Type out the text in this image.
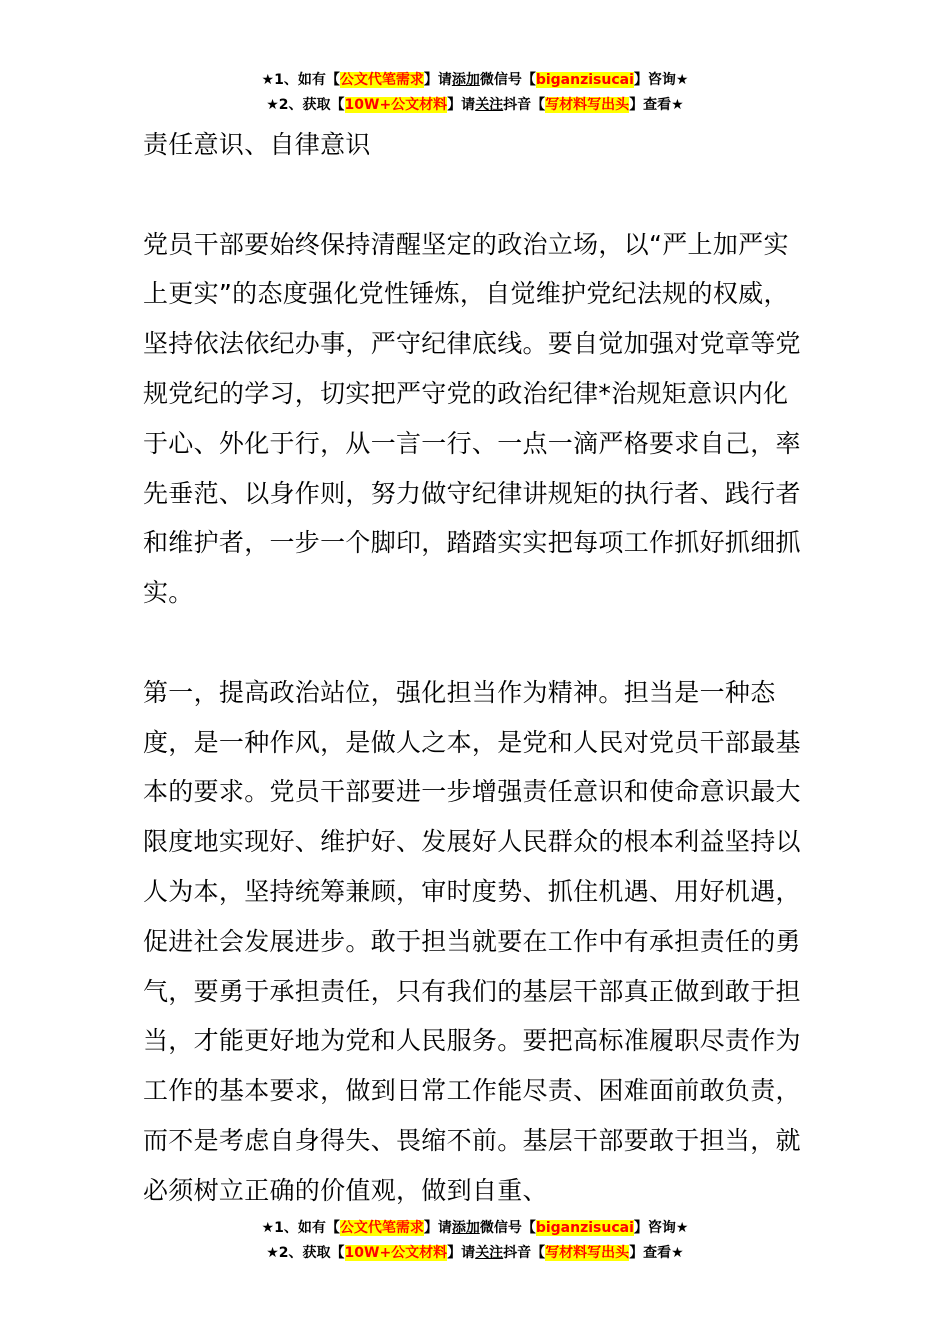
★1、如有【公文代笔需求】请添加微信号【biganzisucai】咨询★
★2、获取【10W+公文材料】请关注抖音【写材料写出头】查看★

责任意识、自律意识

党员干部要始终保持清醒坚定的政治立场，以“严上加严实上更实”的态度强化党性锤炼，自觉维护党纪法规的权威，坚持依法依纪办事，严守纪律底线。要自觉加强对党章等党规党纪的学习，切实把严守党的政治纪律*治规矩意识内化于心、外化于行，从一言一行、一点一滴严格要求自己，率先垂范、以身作则，努力做守纪律讲规矩的执行者、践行者和维护者，一步一个脚印，踏踏实实把每项工作抓好抓细抓实。

第一，提高政治站位，强化担当作为精神。担当是一种态度，是一种作风，是做人之本，是党和人民对党员干部最基本的要求。党员干部要进一步增强责任意识和使命意识最大限度地实现好、维护好、发展好人民群众的根本利益坚持以人为本，坚持统筹兼顾，审时度势、抓住机遇、用好机遇，促进社会发展进步。敢于担当就要在工作中有承担责任的勇气，要勇于承担责任，只有我们的基层干部真正做到敢于担当，才能更好地为党和人民服务。要把高标准履职尽责作为工作的基本要求，做到日常工作能尽责、困难面前敢负责，而不是考虑自身得失、畏缩不前。基层干部要敢于担当，就必须树立正确的价值观，做到自重、

★1、如有【公文代笔需求】请添加微信号【biganzisucai】咨询★
★2、获取【10W+公文材料】请关注抖音【写材料写出头】查看★
